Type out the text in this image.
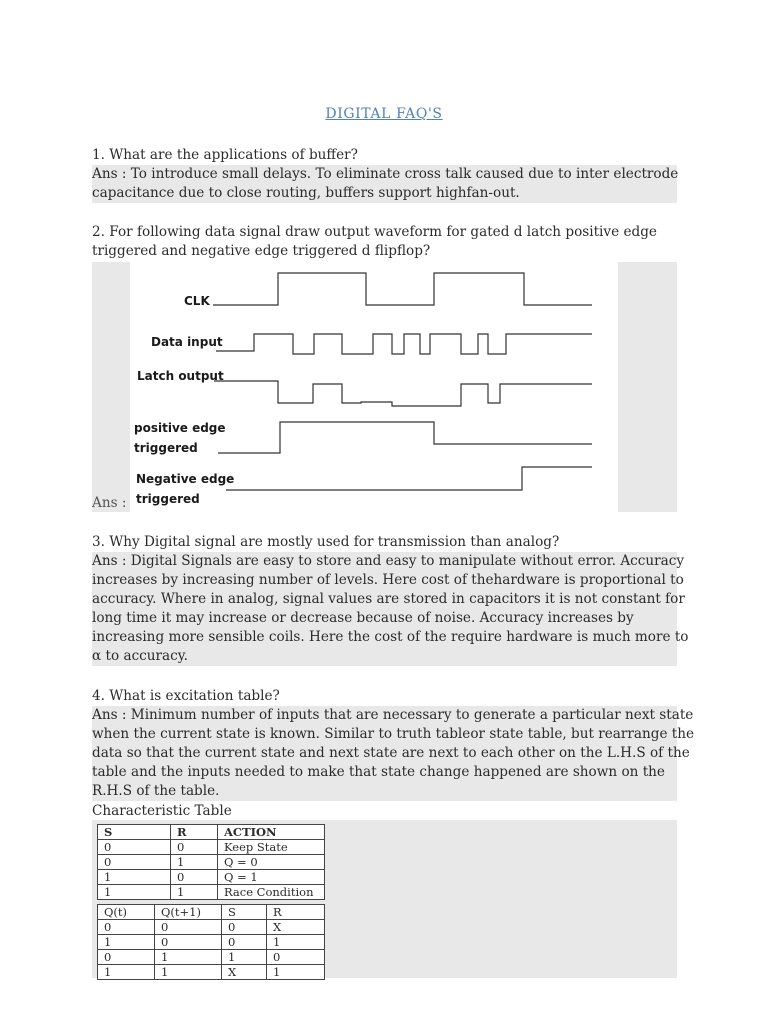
DIGITAL FAQ'S
1. What are the applications of buffer?

Ans : To introduce small delays. To eliminate cross talk caused due to inter electrode

capacitance due to close routing, buffers support highfan-out.

2. For following data signal draw output waveform for gated d latch positive edge
triggered and negative edge triggered d flipflop?
Ans :
CLK
Data input
Latch output
positive edge
triggered
Negative edge
triggered
3. Why Digital signal are mostly used for transmission than analog?

Ans : Digital Signals are easy to store and easy to manipulate without error. Accuracy

increases by increasing number of levels. Here cost of thehardware is proportional to

accuracy. Where in analog, signal values are stored in capacitors it is not constant for

long time it may increase or decrease because of noise. Accuracy increases by

increasing more sensible coils. Here the cost of the require hardware is much more to

α to accuracy.

4. What is excitation table?

Ans : Minimum number of inputs that are necessary to generate a particular next state

when the current state is known. Similar to truth tableor state table, but rearrange the

data so that the current state and next state are next to each other on the L.H.S of the

table and the inputs needed to make that state change happened are shown on the

R.H.S of the table.

Characteristic Table
S	R	ACTION
0	0	Keep State
0	1	Q = 0
1	0	Q = 1
1	1	Race Condition
Q(t)	Q(t+1)	S	R
0	0	0	X
1	0	0	1
0	1	1	0
1	1	X	1
